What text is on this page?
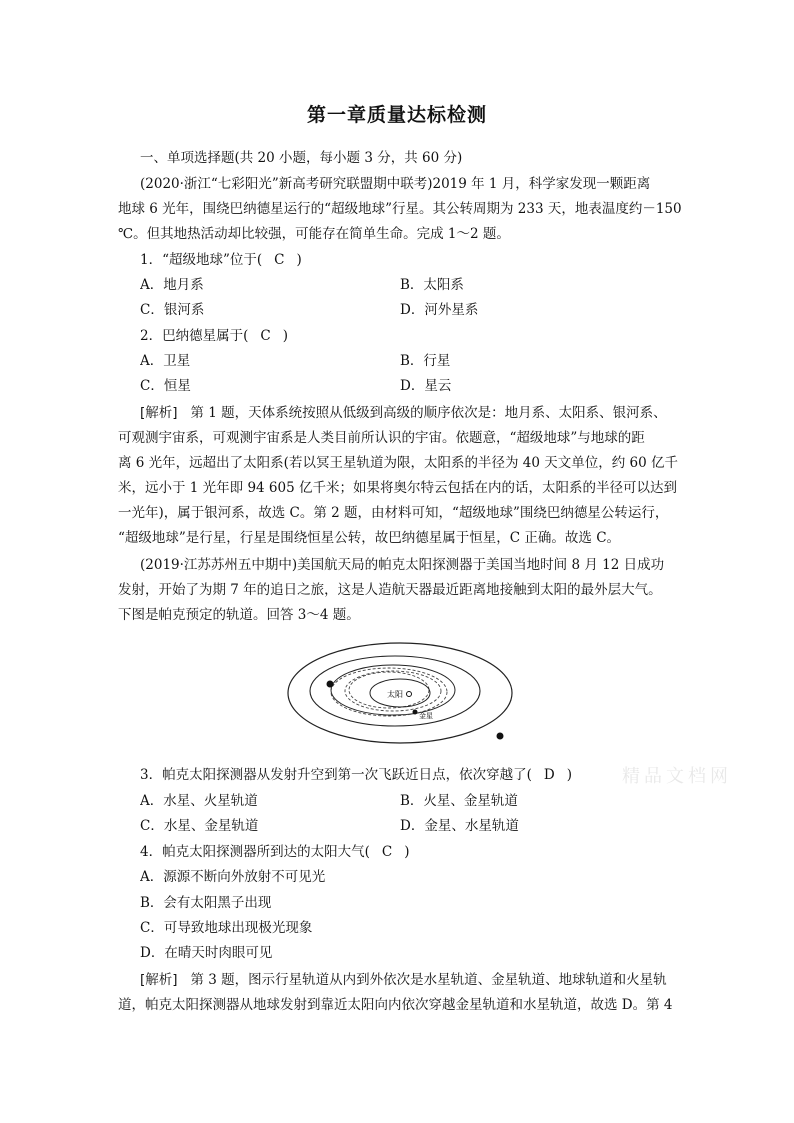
第一章质量达标检测
一、单项选择题(共 20 小题，每小题 3 分，共 60 分)
(2020·浙江“七彩阳光”新高考研究联盟期中联考)2019 年 1 月，科学家发现一颗距离
地球 6 光年，围绕巴纳德星运行的“超级地球”行星。其公转周期为 233 天，地表温度约－150
℃。但其地热活动却比较强，可能存在简单生命。完成 1～2 题。
1．“超级地球”位于( C )
A．地月系	B．太阳系
C．银河系	D．河外星系
2．巴纳德星属于( C )
A．卫星	B．行星
C．恒星	D．星云
[解析] 第 1 题，天体系统按照从低级到高级的顺序依次是：地月系、太阳系、银河系、
可观测宇宙系，可观测宇宙系是人类目前所认识的宇宙。依题意，“超级地球”与地球的距
离 6 光年，远超出了太阳系(若以冥王星轨道为限，太阳系的半径为 40 天文单位，约 60 亿千
米，远小于 1 光年即 94 605 亿千米；如果将奥尔特云包括在内的话，太阳系的半径可以达到
一光年)，属于银河系，故选 C。第 2 题，由材料可知，“超级地球”围绕巴纳德星公转运行，
“超级地球”是行星，行星是围绕恒星公转，故巴纳德星属于恒星，C 正确。故选 C。
(2019·江苏苏州五中期中)美国航天局的帕克太阳探测器于美国当地时间 8 月 12 日成功
发射，开始了为期 7 年的追日之旅，这是人造航天器最近距离地接触到太阳的最外层大气。
下图是帕克预定的轨道。回答 3～4 题。
太阳
金星
3．帕克太阳探测器从发射升空到第一次飞跃近日点，依次穿越了( D )
A．水星、火星轨道	B．火星、金星轨道
C．水星、金星轨道	D．金星、水星轨道
4．帕克太阳探测器所到达的太阳大气( C )
A．源源不断向外放射不可见光
B．会有太阳黑子出现
C．可导致地球出现极光现象
D．在晴天时肉眼可见
[解析] 第 3 题，图示行星轨道从内到外依次是水星轨道、金星轨道、地球轨道和火星轨
道，帕克太阳探测器从地球发射到靠近太阳向内依次穿越金星轨道和水星轨道，故选 D。第 4
精品文档网
